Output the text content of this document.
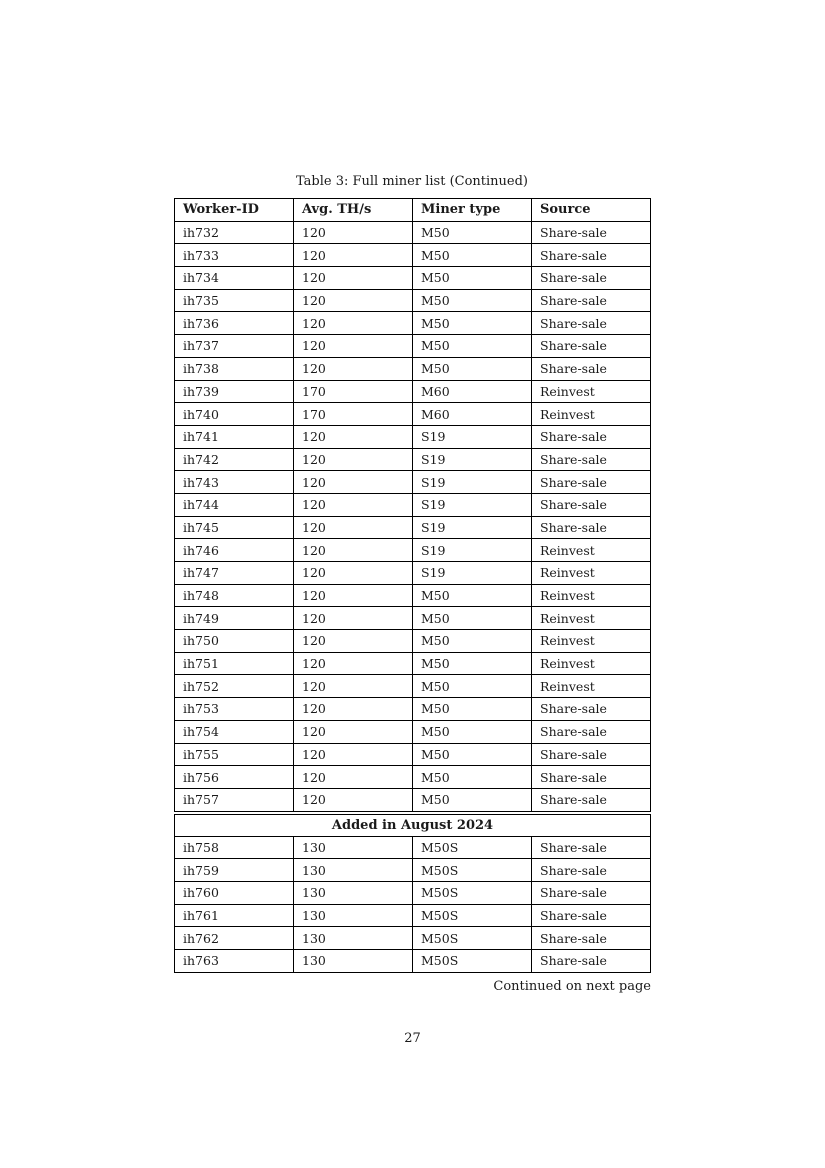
Table 3: Full miner list (Continued)
Worker-ID	Avg. TH/s	Miner type	Source
ih732	120	M50	Share-sale
ih733	120	M50	Share-sale
ih734	120	M50	Share-sale
ih735	120	M50	Share-sale
ih736	120	M50	Share-sale
ih737	120	M50	Share-sale
ih738	120	M50	Share-sale
ih739	170	M60	Reinvest
ih740	170	M60	Reinvest
ih741	120	S19	Share-sale
ih742	120	S19	Share-sale
ih743	120	S19	Share-sale
ih744	120	S19	Share-sale
ih745	120	S19	Share-sale
ih746	120	S19	Reinvest
ih747	120	S19	Reinvest
ih748	120	M50	Reinvest
ih749	120	M50	Reinvest
ih750	120	M50	Reinvest
ih751	120	M50	Reinvest
ih752	120	M50	Reinvest
ih753	120	M50	Share-sale
ih754	120	M50	Share-sale
ih755	120	M50	Share-sale
ih756	120	M50	Share-sale
ih757	120	M50	Share-sale

Added in August 2024			
ih758	130	M50S	Share-sale
ih759	130	M50S	Share-sale
ih760	130	M50S	Share-sale
ih761	130	M50S	Share-sale
ih762	130	M50S	Share-sale
ih763	130	M50S	Share-sale
Continued on next page
27
